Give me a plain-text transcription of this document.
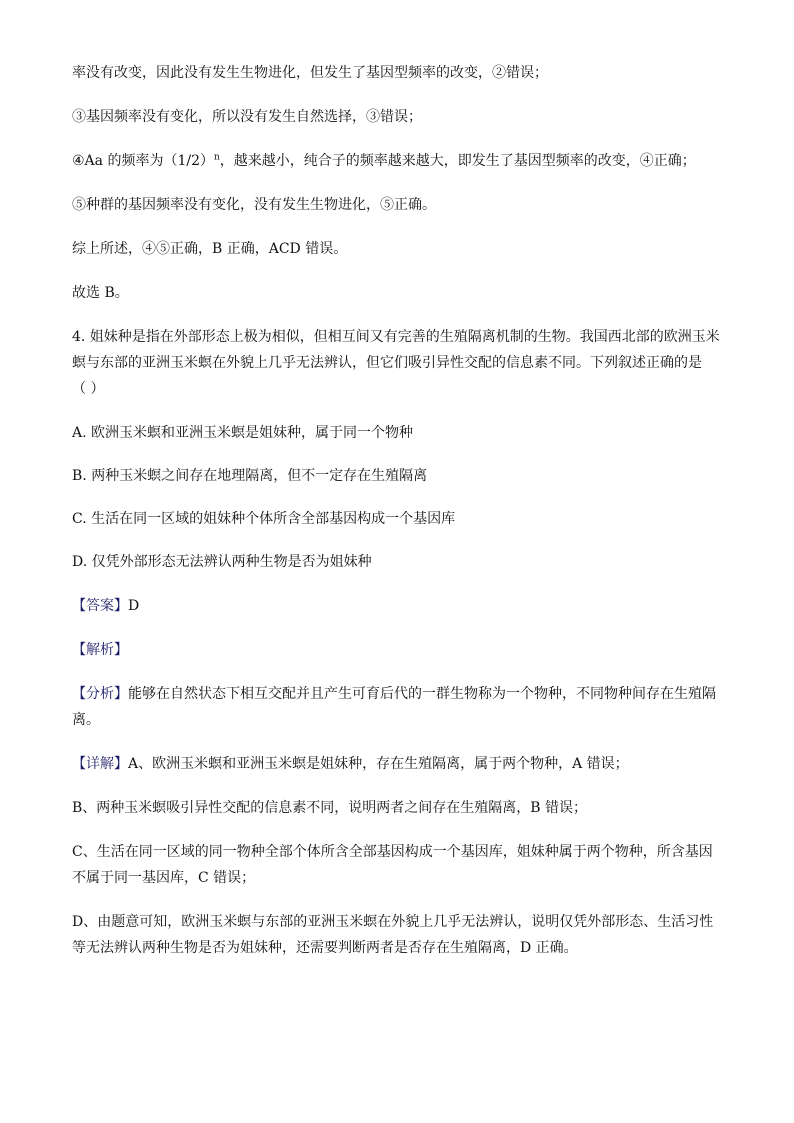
率没有改变，因此没有发生生物进化，但发生了基因型频率的改变，②错误；

③基因频率没有变化，所以没有发生自然选择，③错误；

④Aa 的频率为$(1/2)^n$，越来越小，纯合子的频率越来越大，即发生了基因型频率的改变，④正确；

⑤种群的基因频率没有变化，没有发生生物进化，⑤正确。

综上所述，④⑤正确，B 正确，ACD 错误。

故选 B。

4. 姐妹种是指在外部形态上极为相似，但相互间又有完善的生殖隔离机制的生物。我国西北部的欧洲玉米

螟与东部的亚洲玉米螟在外貌上几乎无法辨认，但它们吸引异性交配的信息素不同。下列叙述正确的是

（ ）

A. 欧洲玉米螟和亚洲玉米螟是姐妹种，属于同一个物种

B. 两种玉米螟之间存在地理隔离，但不一定存在生殖隔离

C. 生活在同一区域的姐妹种个体所含全部基因构成一个基因库

D. 仅凭外部形态无法辨认两种生物是否为姐妹种

【答案】D

【解析】

【分析】能够在自然状态下相互交配并且产生可育后代的一群生物称为一个物种，不同物种间存在生殖隔

离。

【详解】A、欧洲玉米螟和亚洲玉米螟是姐妹种，存在生殖隔离，属于两个物种，A 错误；

B、两种玉米螟吸引异性交配的信息素不同，说明两者之间存在生殖隔离，B 错误；

C、生活在同一区域的同一物种全部个体所含全部基因构成一个基因库，姐妹种属于两个物种，所含基因

不属于同一基因库，C 错误；

D、由题意可知，欧洲玉米螟与东部的亚洲玉米螟在外貌上几乎无法辨认，说明仅凭外部形态、生活习性

等无法辨认两种生物是否为姐妹种，还需要判断两者是否存在生殖隔离，D 正确。
